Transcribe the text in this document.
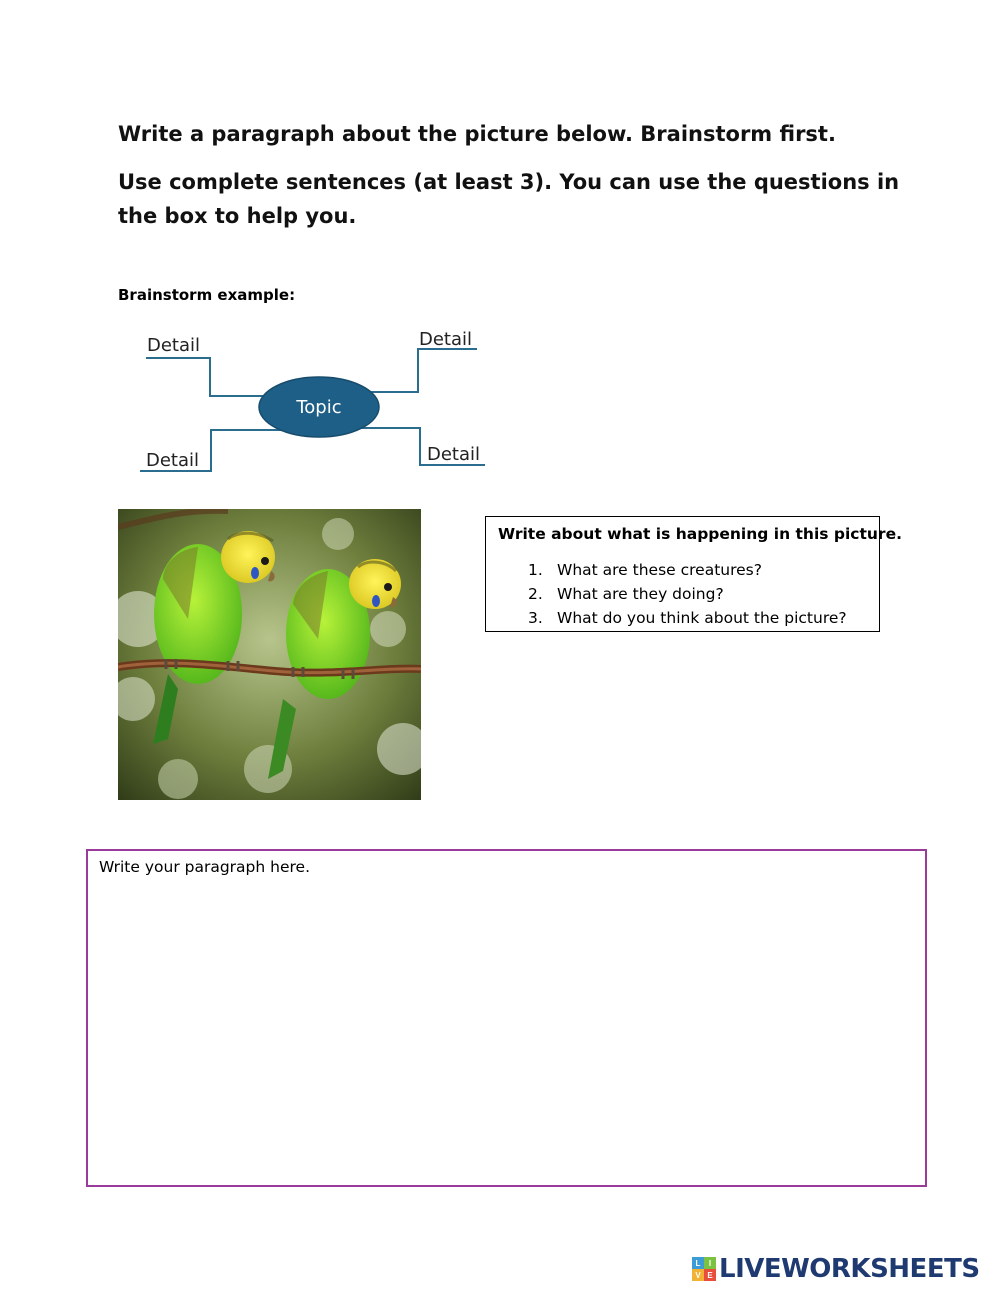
Write a paragraph about the picture below. Brainstorm first.

Use complete sentences (at least 3). You can use the questions in the box to help you.

Brainstorm example:
Topic
Detail	Detail
Detail	Detail
Write about what is happening in this picture.
1. What are these creatures?
2. What are they doing?
3. What do you think about the picture?
Write your paragraph here.
L	I
V E LIVEWORKSHEETS
